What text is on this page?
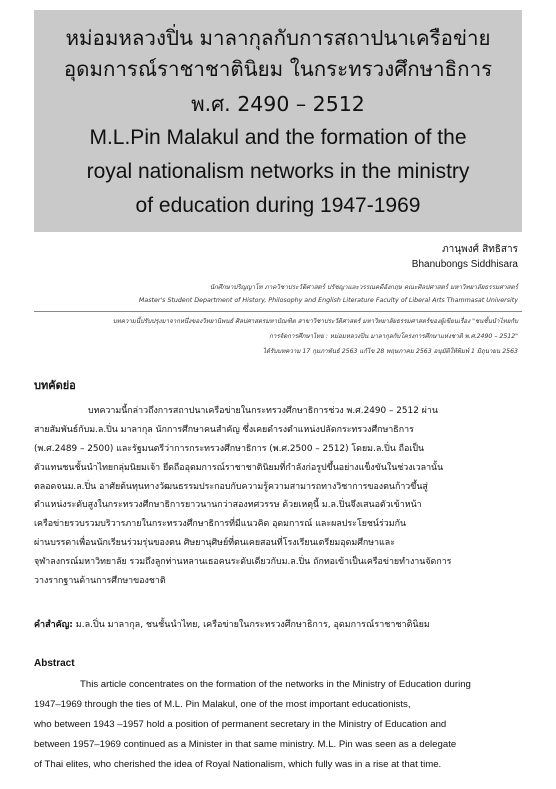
หม่อมหลวงปิ่น มาลากุลกับการสถาปนาเครือข่าย
อุดมการณ์ราชาชาตินิยม ในกระทรวงศึกษาธิการ
พ.ศ. 2490 – 2512
M.L.Pin Malakul and the formation of the
royal nationalism networks in the ministry
of education during 1947-1969
ภานุพงศ์ สิทธิสาร
Bhanubongs Siddhisara
นักศึกษาปริญญาโท ภาควิชาประวัติศาสตร์ ปรัชญาและวรรณคดีอังกฤษ คณะศิลปศาสตร์ มหาวิทยาลัยธรรมศาสตร์
Master's Student Department of History, Philosophy and English Literature Faculty of Liberal Arts Thammasat University
บทความนี้ปรับปรุงมาจากหนึ่งของวิทยานิพนธ์ ศิลปศาสตรมหาบัณฑิต สาขาวิชาประวัติศาสตร์ มหาวิทยาลัยธรรมศาสตร์ของผู้เขียนเรื่อง "ชนชั้นนำไทยกับ
การจัดการศึกษาไทย : หม่อมหลวงปิ่น มาลากุลกับโครงการศึกษาแห่งชาติ พ.ศ.2490 – 2512"
ได้รับบทความ 17 กุมภาพันธ์ 2563 แก้ไข 28 พฤษภาคม 2563 อนุมัติให้พิมพ์ 1 มิถุนายน 2563
บทคัดย่อ
บทความนี้กล่าวถึงการสถาปนาเครือข่ายในกระทรวงศึกษาธิการช่วง พ.ศ.2490 – 2512 ผ่าน
สายสัมพันธ์กับม.ล.ปิ่น มาลากุล นักการศึกษาคนสำคัญ ซึ่งเคยดำรงตำแหน่งปลัดกระทรวงศึกษาธิการ
(พ.ศ.2489 – 2500) และรัฐมนตรีว่าการกระทรวงศึกษาธิการ (พ.ศ.2500 – 2512) โดยม.ล.ปิ่น ถือเป็น
ตัวแทนชนชั้นนำไทยกลุ่มนิยมเจ้า ยึดถืออุดมการณ์ราชาชาตินิยมที่กำลังก่อรูปขึ้นอย่างแข็งขันในช่วงเวลานั้น
ตลอดจนม.ล.ปิ่น อาศัยต้นทุนทางวัฒนธรรมประกอบกับความรู้ความสามารถทางวิชาการของตนก้าวขึ้นสู่
ตำแหน่งระดับสูงในกระทรวงศึกษาธิการยาวนานกว่าสองทศวรรษ ด้วยเหตุนี้ ม.ล.ปิ่นจึงเสนอตัวเข้าหน้า
เครือข่ายรวบรวมบริวารภายในกระทรวงศึกษาธิการที่มีแนวคิด อุดมการณ์ และผลประโยชน์ร่วมกัน
ผ่านบรรดาเพื่อนนักเรียนร่วมรุ่นของตน ศิษยานุศิษย์ที่ตนเคยสอนที่โรงเรียนเตรียมอุดมศึกษาและ
จุฬาลงกรณ์มหาวิทยาลัย รวมถึงลูกท่านหลานเธอคนระดับเดียวกับม.ล.ปิ่น ถักทอเข้าเป็นเครือข่ายทำงานจัดการ
วางรากฐานด้านการศึกษาของชาติ
คำสำคัญ: ม.ล.ปิ่น มาลากุล, ชนชั้นนำไทย, เครือข่ายในกระทรวงศึกษาธิการ, อุดมการณ์ราชาชาตินิยม
Abstract
This article concentrates on the formation of the networks in the Ministry of Education during
1947–1969 through the ties of M.L. Pin Malakul, one of the most important educationists,
who between 1943 –1957 hold a position of permanent secretary in the Ministry of Education and
between 1957–1969 continued as a Minister in that same ministry. M.L. Pin was seen as a delegate
of Thai elites, who cherished the idea of Royal Nationalism, which fully was in a rise at that time.
